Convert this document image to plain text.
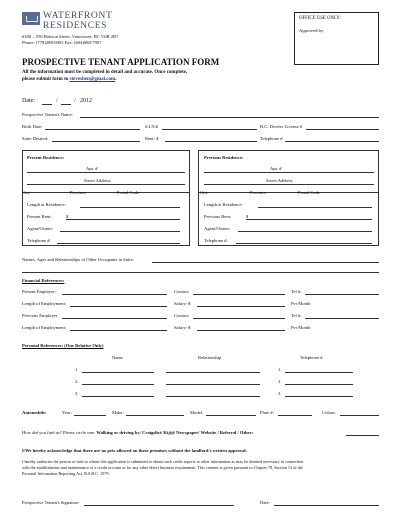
WATERFRONT
RESIDENCES
#300 – 550 Robson Street, Vancouver, BC V6B 2B7
Phone: (778)288-0003 Fax: (604)688-7907
OFFICE USE ONLY:
Approved by:
PROSPECTIVE TENANT APPLICATION FORM
All the information must be completed in detail and accurate. Once complete,
please submit form to steveshen@gmai.com.
Date:	/	/ 2012
Prospective Tenant's Name:
Birth Date:	S.I.N.#	B.C. Drivers License #
Suite Desired:	Rent: $	Telephone #
Present Residence:
Apt. #
Street Address
City	Province	Postal Code
Length at Residence:
Present Rent:	$
Agent/Owner:
Telephone #:
Previous Residence:
Apt. #
Street Address
City	Province	Postal Code
Length at Residence:
Previous Rent:	$
Agent/Owner:
Telephone #:
Names, Ages and Relationships of Other Occupants in Suite:
Financial References:
Present Employer:	Contact:	Tel #:
Length of Employment:	Salary: $	Per Month
Previous Employer	Contact:	Tel #:
Length of Employment:	Salary: $	Per Month
Personal References: (One Relative Only)
Name	Relationship	Telephone #
1.	1.
2.	2.
3.	3.
Automobile:	Year:	Make:	Model:	Plate #:	Colour:
How did you find us? Please circle one: Walking or driving by/ Craigslist/ Kijiji/ Newspaper/ Website / Referral / Other:
I/We hereby acknowledge that there are no pets allowed on these premises without the landlord's written approval.
I hereby authorize the person or firm to whom this application is submitted to obtain such credit reports or other information as may be deemed necessary in connection
with the establishment and maintenance of a credit account or for any other direct business requirement. This consent is given pursuant to Chapter 78, Section 12 of the
Personal Information Reporting Act, R.S.B.C. 1979.
Prospective Tenant's Signature:	Date:
